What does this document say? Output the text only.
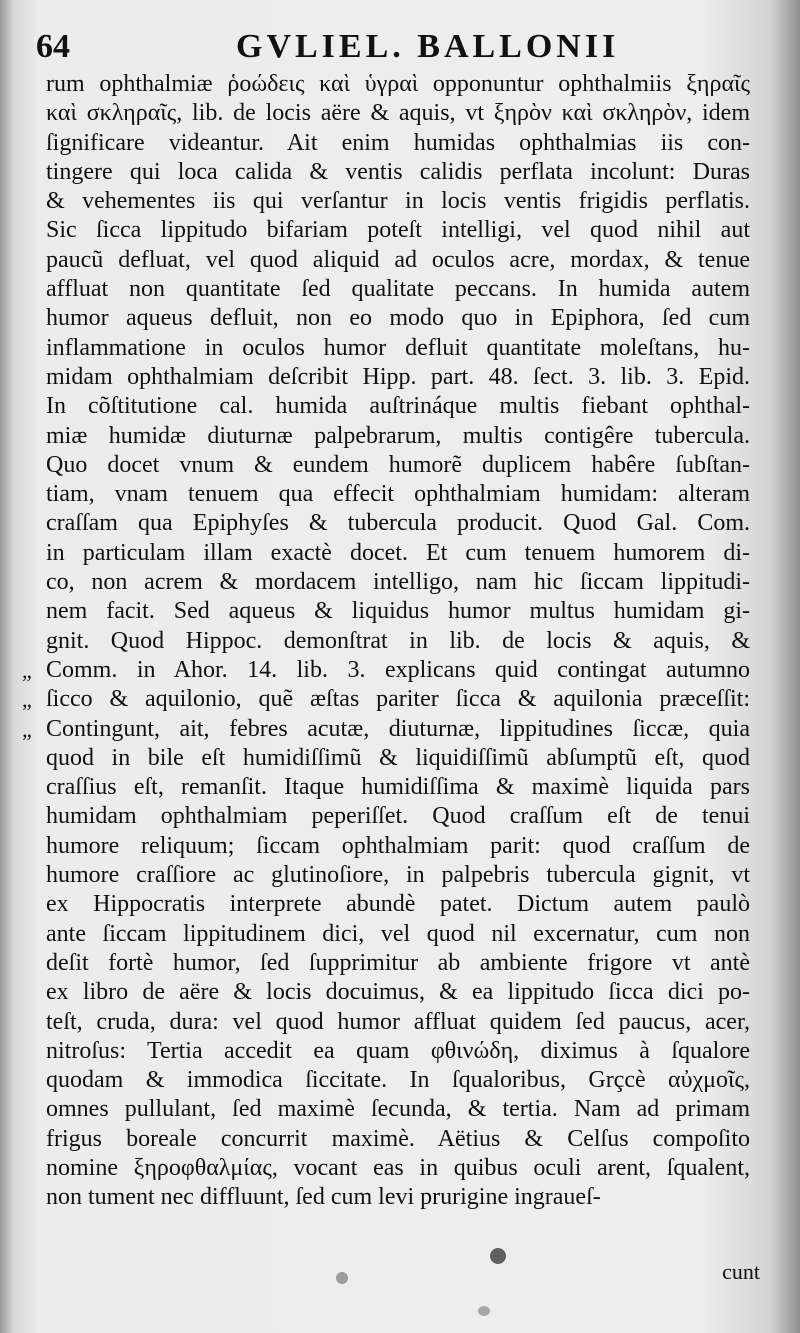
64	GVLIEL. BALLONII
rum ophthalmiæ ῥοώδεις καὶ ὑγραὶ opponuntur ophthalmiis ξηραῖς
καὶ σκληραῖς, lib. de locis aëre & aquis, vt ξηρὸν καὶ σκληρὸν, idem
ſignificare videantur. Ait enim humidas ophthalmias iis con-
tingere qui loca calida & ventis calidis perflata incolunt: Duras
& vehementes iis qui verſantur in locis ventis frigidis perflatis.
Sic ſicca lippitudo bifariam poteſt intelligi, vel quod nihil aut
paucũ defluat, vel quod aliquid ad oculos acre, mordax, & tenue
affluat non quantitate ſed qualitate peccans. In humida autem
humor aqueus defluit, non eo modo quo in Epiphora, ſed cum
inflammatione in oculos humor defluit quantitate moleſtans, hu-
midam ophthalmiam deſcribit Hipp. part. 48. ſect. 3. lib. 3. Epid.
In cõſtitutione cal. humida auſtrináque multis fiebant ophthal-
miæ humidæ diuturnæ palpebrarum, multis contigêre tubercula.
Quo docet vnum & eundem humorẽ duplicem habêre ſubſtan-
tiam, vnam tenuem qua effecit ophthalmiam humidam: alteram
craſſam qua Epiphyſes & tubercula producit. Quod Gal. Com.
in particulam illam exactè docet. Et cum tenuem humorem di-
co, non acrem & mordacem intelligo, nam hic ſiccam lippitudi-
nem facit. Sed aqueus & liquidus humor multus humidam gi-
gnit. Quod Hippoc. demonſtrat in lib. de locis & aquis, &
„ Comm. in Ahor. 14. lib. 3. explicans quid contingat autumno
„ ſicco & aquilonio, quẽ æſtas pariter ſicca & aquilonia præceſſit:
„ Contingunt, ait, febres acutæ, diuturnæ, lippitudines ſiccæ, quia
quod in bile eſt humidiſſimũ & liquidiſſimũ abſumptũ eſt, quod
craſſius eſt, remanſit. Itaque humidiſſima & maximè liquida pars
humidam ophthalmiam peperiſſet. Quod craſſum eſt de tenui
humore reliquum; ſiccam ophthalmiam parit: quod craſſum de
humore craſſiore ac glutinoſiore, in palpebris tubercula gignit, vt
ex Hippocratis interprete abundè patet. Dictum autem paulò
ante ſiccam lippitudinem dici, vel quod nil excernatur, cum non
deſit fortè humor, ſed ſupprimitur ab ambiente frigore vt antè
ex libro de aëre & locis docuimus, & ea lippitudo ſicca dici po-
teſt, cruda, dura: vel quod humor affluat quidem ſed paucus, acer,
nitroſus: Tertia accedit ea quam φθινώδη, diximus à ſqualore
quodam & immodica ſiccitate. In ſqualoribus, Grçcè αὐχμοῖς,
omnes pullulant, ſed maximè ſecunda, & tertia. Nam ad primam
frigus boreale concurrit maximè. Aëtius & Celſus compoſito
nomine ξηροφθαλμίας, vocant eas in quibus oculi arent, ſqualent,
non tument nec diffluunt, ſed cum levi prurigine ingraueſ-
cunt
